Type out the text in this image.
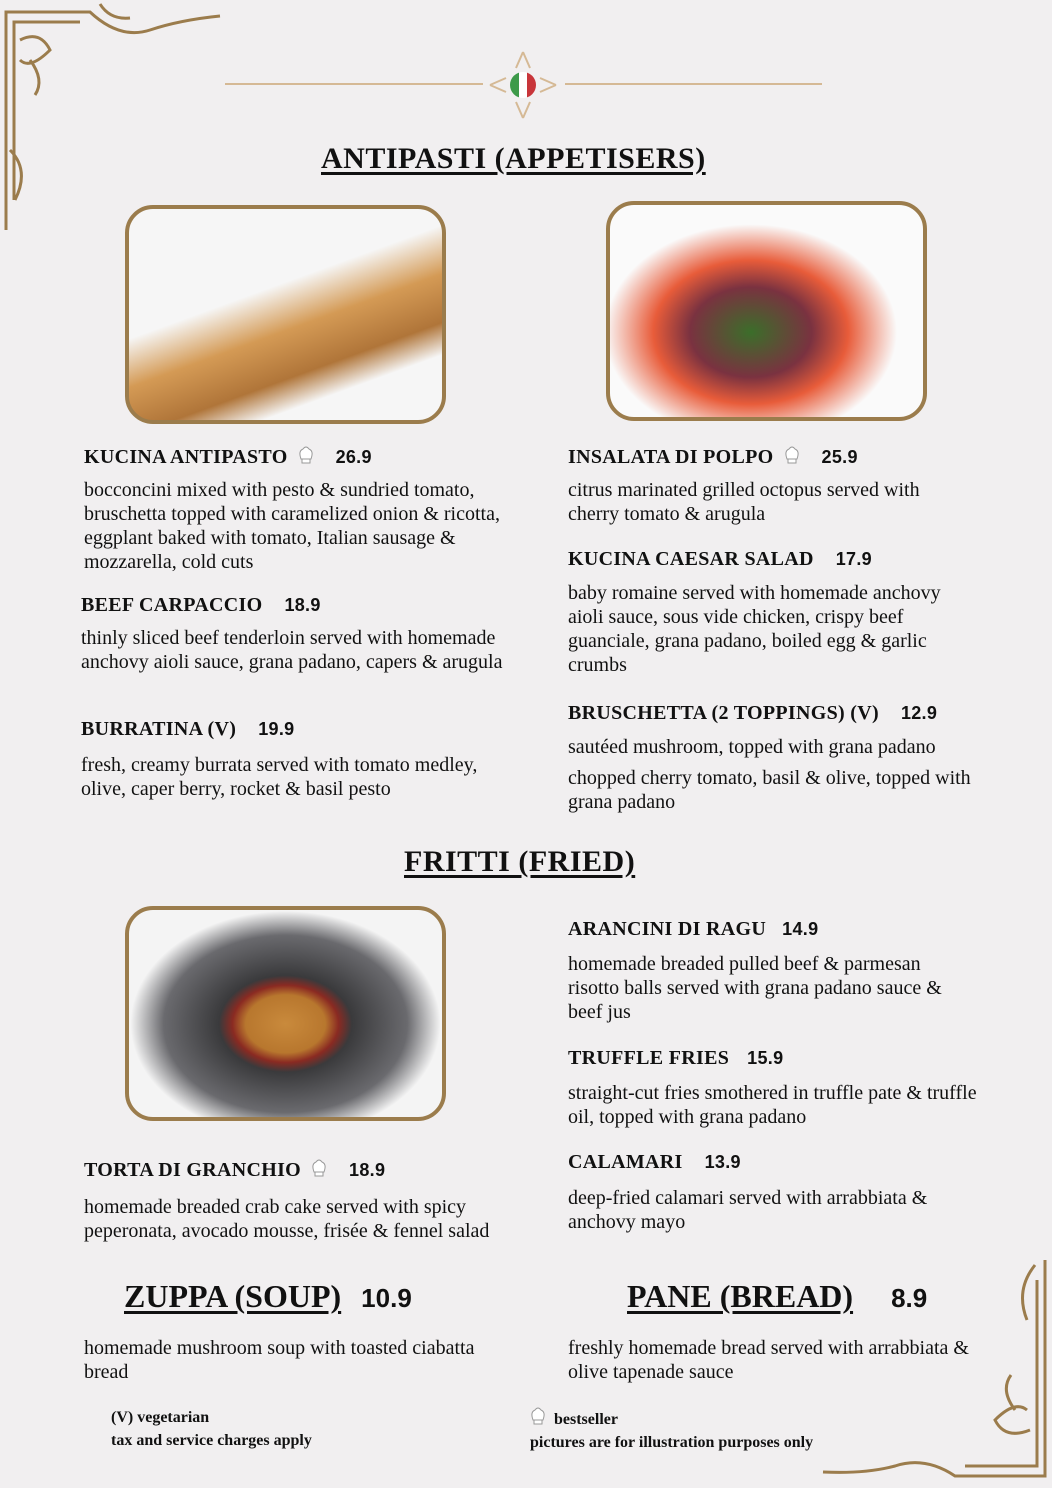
ANTIPASTI (APPETISERS)
KUCINA ANTIPASTO	26.9
bocconcini mixed with pesto & sundried tomato, bruschetta topped with caramelized onion & ricotta, eggplant baked with tomato, Italian sausage & mozzarella, cold cuts
BEEF CARPACCIO 18.9
thinly sliced beef tenderloin served with homemade anchovy aioli sauce, grana padano, capers & arugula
BURRATINA (V) 19.9
fresh, creamy burrata served with tomato medley, olive, caper berry, rocket & basil pesto
INSALATA DI POLPO	25.9
citrus marinated grilled octopus served with cherry tomato & arugula
KUCINA CAESAR SALAD 17.9
baby romaine served with homemade anchovy aioli sauce, sous vide chicken, crispy beef guanciale, grana padano, boiled egg & garlic crumbs
BRUSCHETTA (2 TOPPINGS) (V) 12.9
sautéed mushroom, topped with grana padano
chopped cherry tomato, basil & olive, topped with grana padano
FRITTI (FRIED)
TORTA DI GRANCHIO	18.9
homemade breaded crab cake served with spicy peperonata, avocado mousse, frisée & fennel salad
ARANCINI DI RAGU 14.9
homemade breaded pulled beef & parmesan risotto balls served with grana padano sauce & beef jus
TRUFFLE FRIES 15.9
straight-cut fries smothered in truffle pate & truffle oil, topped with grana padano
CALAMARI 13.9
deep-fried calamari served with arrabbiata & anchovy mayo
ZUPPA (SOUP) 10.9
homemade mushroom soup with toasted ciabatta bread
PANE (BREAD) 8.9
freshly homemade bread served with arrabbiata & olive tapenade sauce
(V) vegetarian
tax and service charges apply
bestseller
pictures are for illustration purposes only
